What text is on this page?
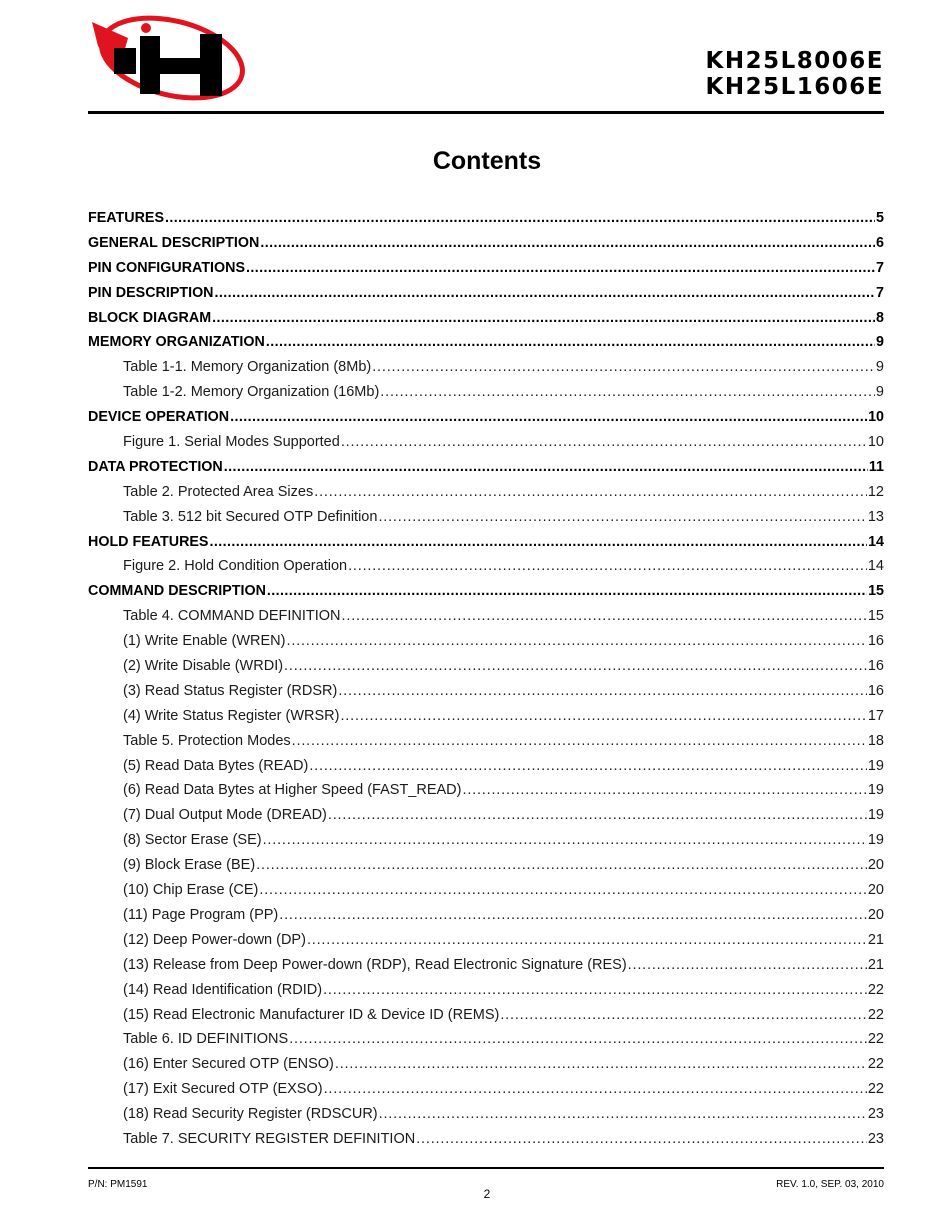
KH25L8006E
KH25L1606E
Contents
FEATURES .....	5
GENERAL DESCRIPTION .....	6
PIN CONFIGURATIONS .....	7
PIN DESCRIPTION .....	7
BLOCK DIAGRAM .....	8
MEMORY ORGANIZATION .....	9
Table 1-1. Memory Organization (8Mb) .....	9
Table 1-2. Memory Organization (16Mb) .....	9
DEVICE OPERATION .....	10
Figure 1. Serial Modes Supported .....	10
DATA PROTECTION .....	11
Table 2. Protected Area Sizes .....	12
Table 3. 512 bit Secured OTP Definition .....	13
HOLD FEATURES .....	14
Figure 2. Hold Condition Operation .....	14
COMMAND DESCRIPTION .....	15
Table 4. COMMAND DEFINITION .....	15
(1) Write Enable (WREN) .....	16
(2) Write Disable (WRDI) .....	16
(3) Read Status Register (RDSR) .....	16
(4) Write Status Register (WRSR) .....	17
Table 5. Protection Modes .....	18
(5) Read Data Bytes (READ) .....	19
(6) Read Data Bytes at Higher Speed (FAST_READ) .....	19
(7) Dual Output Mode (DREAD) .....	19
(8) Sector Erase (SE) .....	19
(9) Block Erase (BE) .....	20
(10) Chip Erase (CE) .....	20
(11) Page Program (PP) .....	20
(12) Deep Power-down (DP) .....	21
(13) Release from Deep Power-down (RDP), Read Electronic Signature (RES) .....	21
(14) Read Identification (RDID) .....	22
(15) Read Electronic Manufacturer ID & Device ID (REMS) .....	22
Table 6. ID DEFINITIONS .....	22
(16) Enter Secured OTP (ENSO) .....	22
(17) Exit Secured OTP (EXSO) .....	22
(18) Read Security Register (RDSCUR) .....	23
Table 7. SECURITY REGISTER DEFINITION .....	23
P/N: PM1591
2
REV. 1.0, SEP. 03, 2010
